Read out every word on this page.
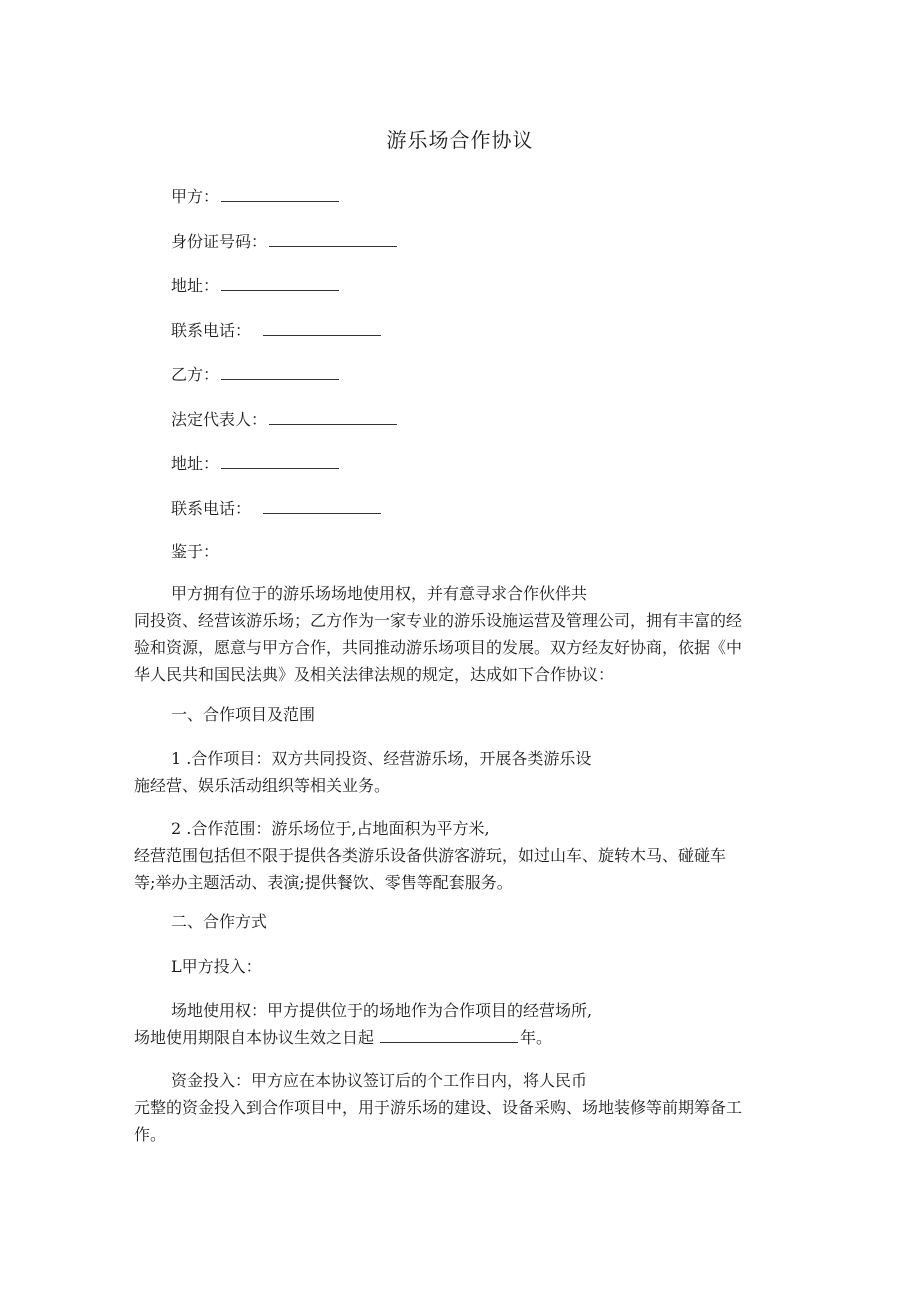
游乐场合作协议
甲方：
身份证号码：
地址：
联系电话：
乙方：
法定代表人：
地址：
联系电话：
鉴于：
甲方拥有位于的游乐场场地使用权，并有意寻求合作伙伴共
同投资、经营该游乐场；乙方作为一家专业的游乐设施运营及管理公司，拥有丰富的经
验和资源，愿意与甲方合作，共同推动游乐场项目的发展。双方经友好协商，依据《中
华人民共和国民法典》及相关法律法规的规定，达成如下合作协议：
一、合作项目及范围
1 .合作项目：双方共同投资、经营游乐场，开展各类游乐设
施经营、娱乐活动组织等相关业务。
2 .合作范围：游乐场位于,占地面积为平方米,
经营范围包括但不限于提供各类游乐设备供游客游玩，如过山车、旋转木马、碰碰车
等;举办主题活动、表演;提供餐饮、零售等配套服务。
二、合作方式
L甲方投入：
场地使用权：甲方提供位于的场地作为合作项目的经营场所,
场地使用期限自本协议生效之日起	年。
资金投入：甲方应在本协议签订后的个工作日内，将人民币
元整的资金投入到合作项目中，用于游乐场的建设、设备采购、场地装修等前期筹备工
作。
